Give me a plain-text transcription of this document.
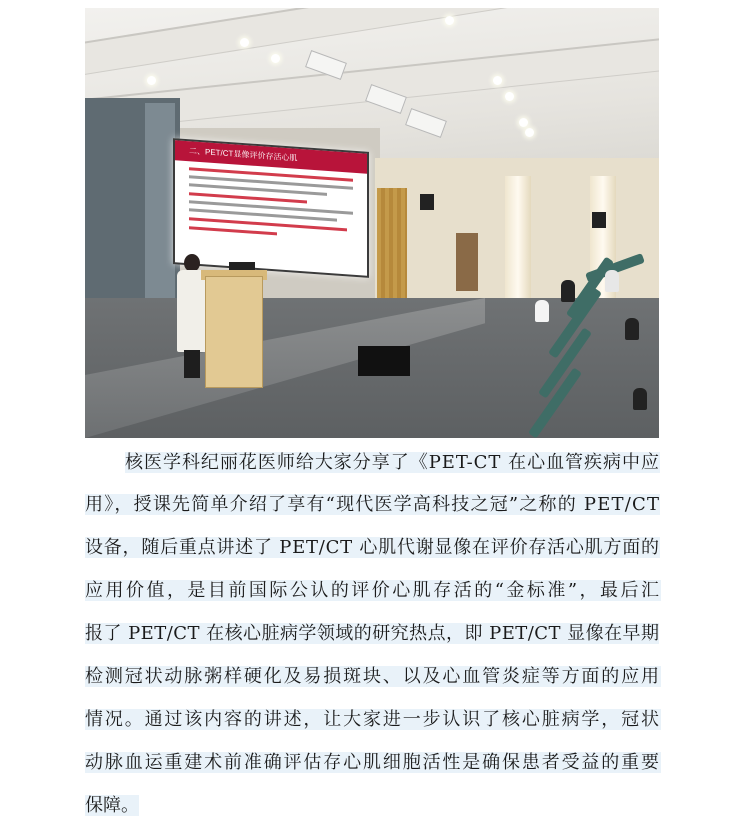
二、PET/CT显像评价存活心肌
核医学科纪丽花医师给大家分享了《PET-CT 在心血管疾病中应
用》，授课先简单介绍了享有“现代医学高科技之冠”之称的 PET/CT
设备，随后重点讲述了 PET/CT 心肌代谢显像在评价存活心肌方面的
应用价值，是目前国际公认的评价心肌存活的“金标准”，最后汇
报了 PET/CT 在核心脏病学领域的研究热点，即 PET/CT 显像在早期
检测冠状动脉粥样硬化及易损斑块、以及心血管炎症等方面的应用
情况。通过该内容的讲述，让大家进一步认识了核心脏病学，冠状
动脉血运重建术前准确评估存心肌细胞活性是确保患者受益的重要
保障。
